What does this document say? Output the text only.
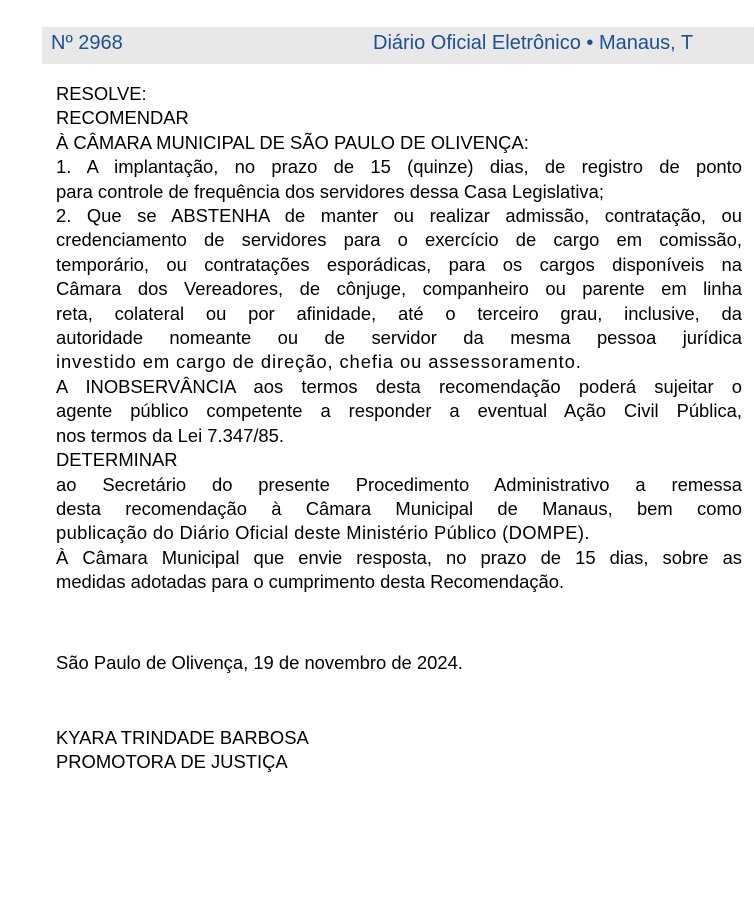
Nº 2968	Diário Oficial Eletrônico • Manaus, T
RESOLVE:
RECOMENDAR
À CÂMARA MUNICIPAL DE SÃO PAULO DE OLIVENÇA:
1. A implantação, no prazo de 15 (quinze) dias, de registro de ponto
para controle de frequência dos servidores dessa Casa Legislativa;
2. Que se ABSTENHA de manter ou realizar admissão, contratação, ou
credenciamento de servidores para o exercício de cargo em comissão,
temporário, ou contratações esporádicas, para os cargos disponíveis na
Câmara dos Vereadores, de cônjuge, companheiro ou parente em linha
reta, colateral ou por afinidade, até o terceiro grau, inclusive, da
autoridade nomeante ou de servidor da mesma pessoa jurídica
investido em cargo de direção, chefia ou assessoramento.
A INOBSERVÂNCIA aos termos desta recomendação poderá sujeitar o
agente público competente a responder a eventual Ação Civil Pública,
nos termos da Lei 7.347/85.
DETERMINAR
ao Secretário do presente Procedimento Administrativo a remessa
desta recomendação à Câmara Municipal de Manaus, bem como
publicação do Diário Oficial deste Ministério Público (DOMPE).
À Câmara Municipal que envie resposta, no prazo de 15 dias, sobre as
medidas adotadas para o cumprimento desta Recomendação.
São Paulo de Olivença, 19 de novembro de 2024.
KYARA TRINDADE BARBOSA
PROMOTORA DE JUSTIÇA
